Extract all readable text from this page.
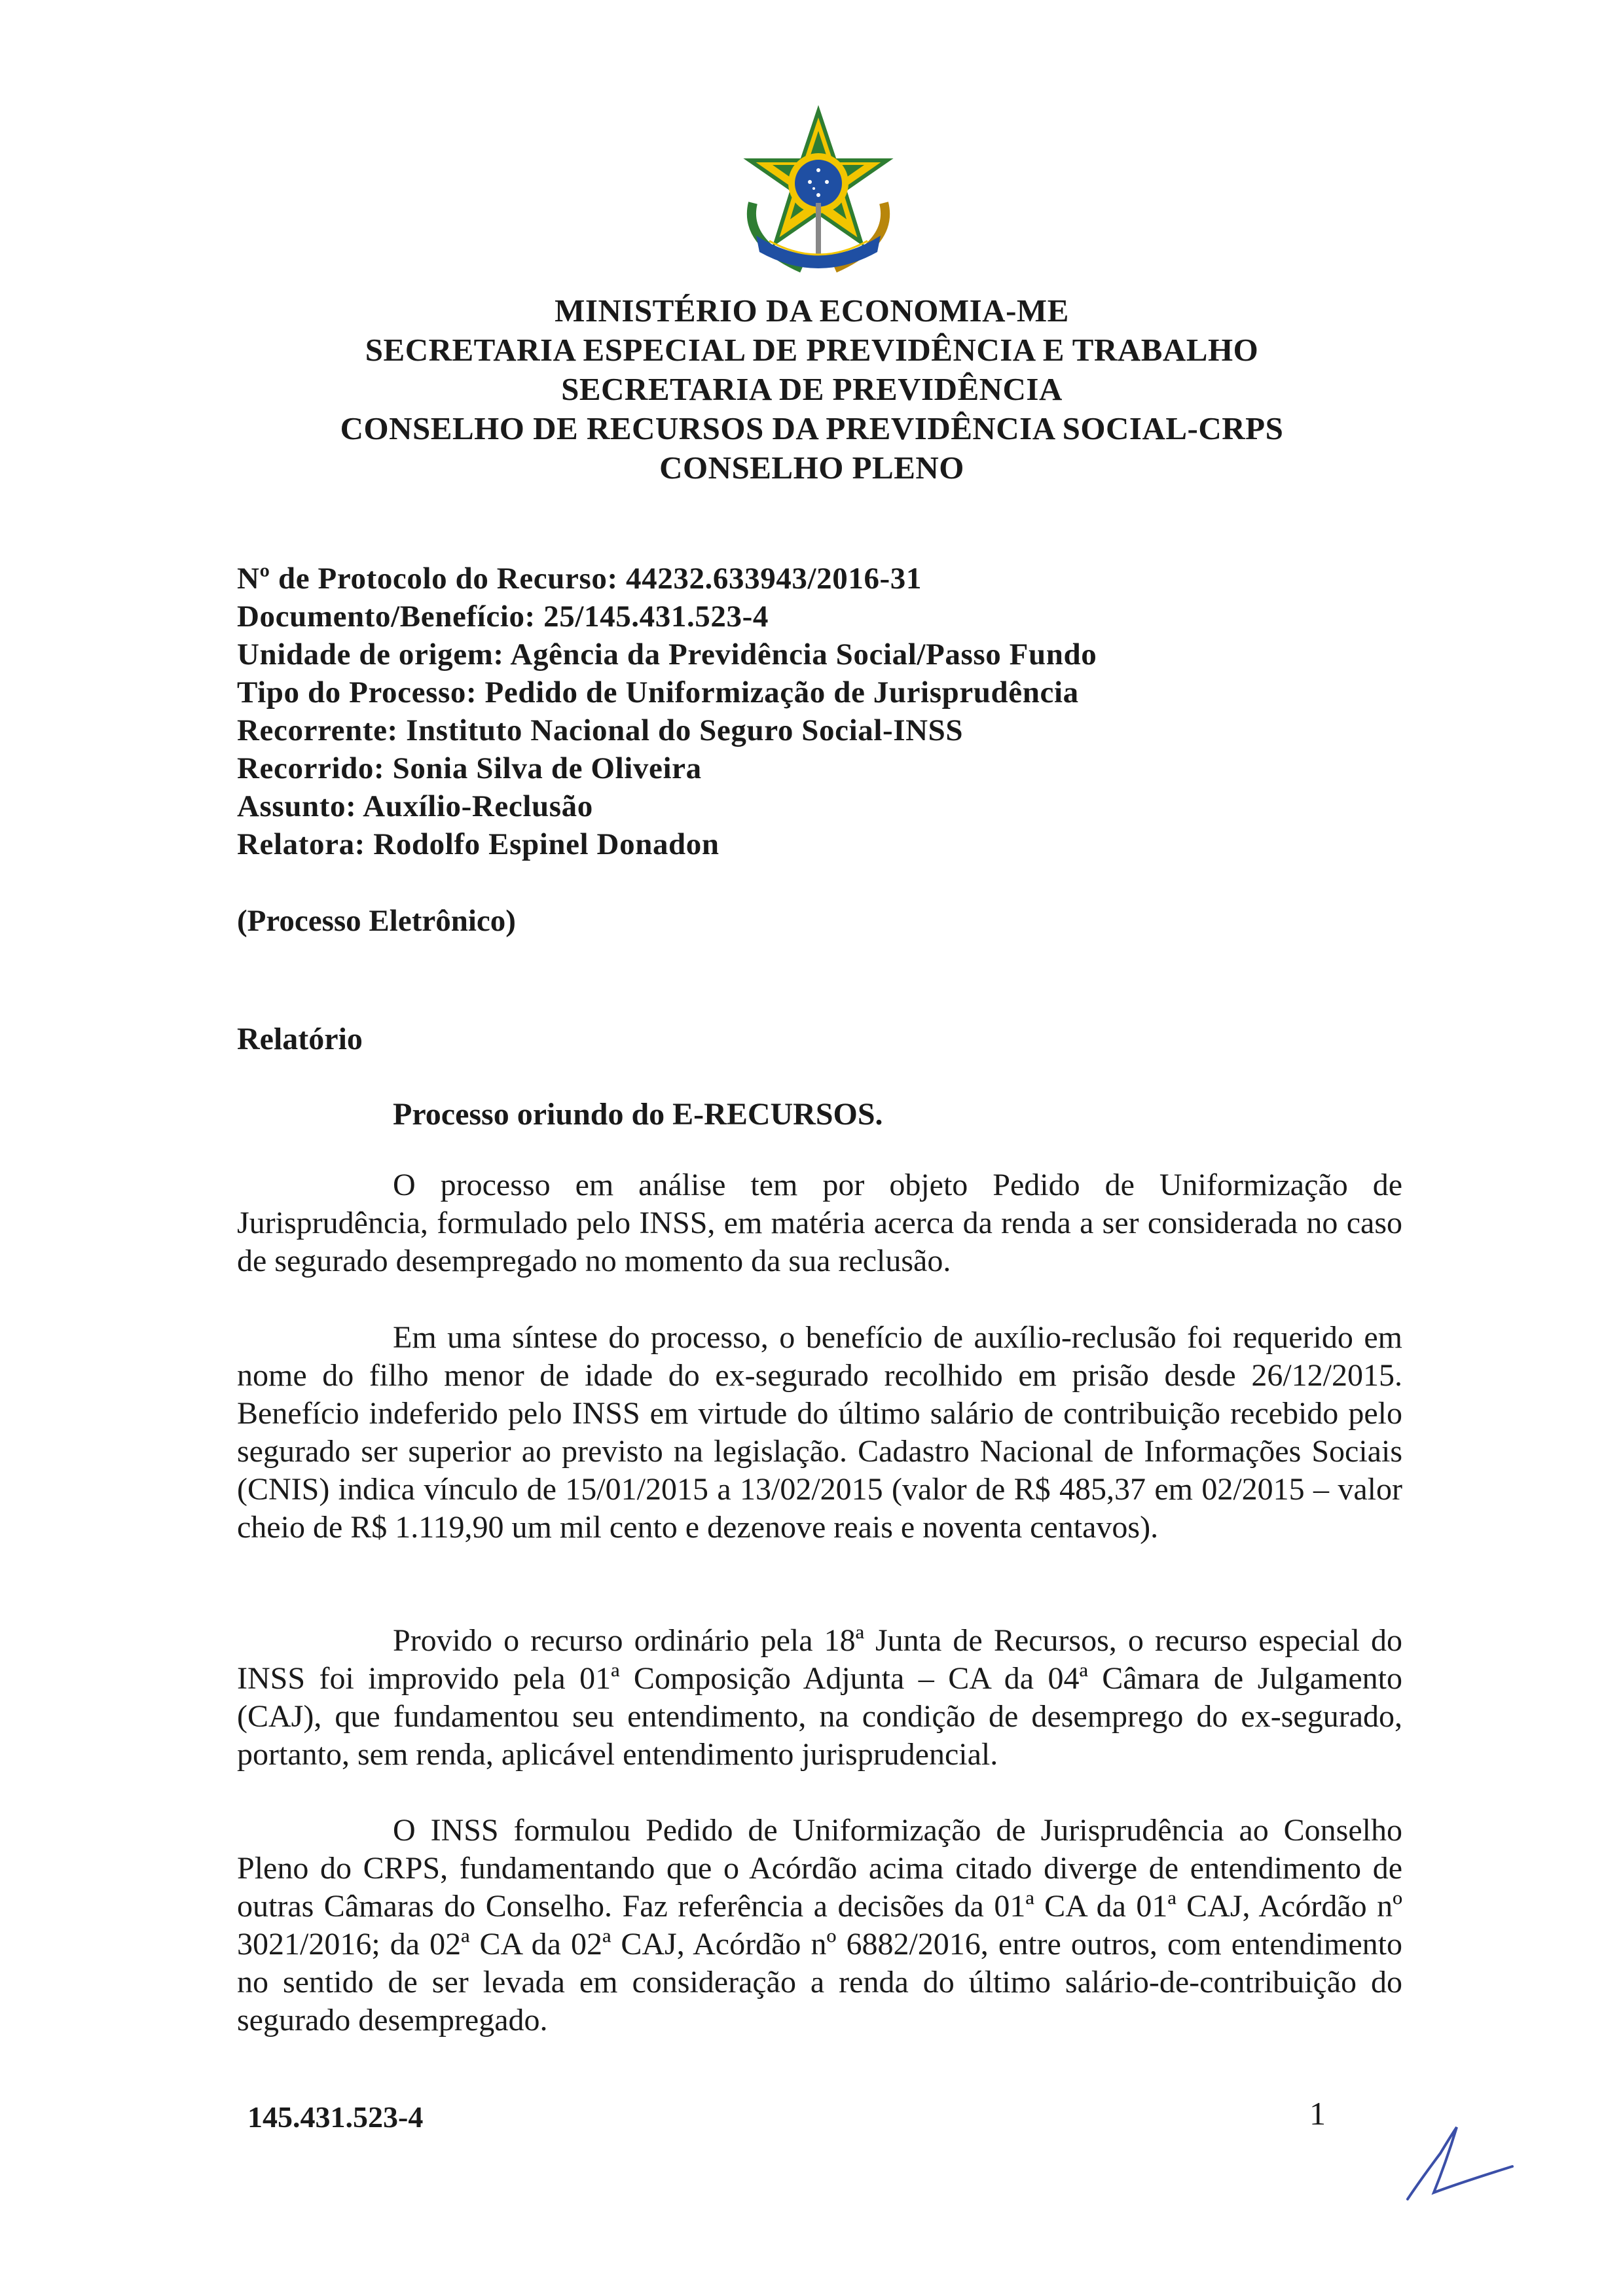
MINISTÉRIO DA ECONOMIA-ME
SECRETARIA ESPECIAL DE PREVIDÊNCIA E TRABALHO
SECRETARIA DE PREVIDÊNCIA
CONSELHO DE RECURSOS DA PREVIDÊNCIA SOCIAL-CRPS
CONSELHO PLENO
Nº de Protocolo do Recurso: 44232.633943/2016-31
Documento/Benefício: 25/145.431.523-4
Unidade de origem: Agência da Previdência Social/Passo Fundo
Tipo do Processo: Pedido de Uniformização de Jurisprudência
Recorrente: Instituto Nacional do Seguro Social-INSS
Recorrido: Sonia Silva de Oliveira
Assunto: Auxílio-Reclusão
Relatora: Rodolfo Espinel Donadon
(Processo Eletrônico)
Relatório
Processo oriundo do E-RECURSOS.

O processo em análise tem por objeto Pedido de Uniformização de Jurisprudência, formulado pelo INSS, em matéria acerca da renda a ser considerada no caso de segurado desempregado no momento da sua reclusão.

Em uma síntese do processo, o benefício de auxílio-reclusão foi requerido em nome do filho menor de idade do ex-segurado recolhido em prisão desde 26/12/2015. Benefício indeferido pelo INSS em virtude do último salário de contribuição recebido pelo segurado ser superior ao previsto na legislação. Cadastro Nacional de Informações Sociais (CNIS) indica vínculo de 15/01/2015 a 13/02/2015 (valor de R$ 485,37 em 02/2015 – valor cheio de R$ 1.119,90 um mil cento e dezenove reais e noventa centavos).

Provido o recurso ordinário pela 18ª Junta de Recursos, o recurso especial do INSS foi improvido pela 01ª Composição Adjunta – CA da 04ª Câmara de Julgamento (CAJ), que fundamentou seu entendimento, na condição de desemprego do ex-segurado, portanto, sem renda, aplicável entendimento jurisprudencial.

O INSS formulou Pedido de Uniformização de Jurisprudência ao Conselho Pleno do CRPS, fundamentando que o Acórdão acima citado diverge de entendimento de outras Câmaras do Conselho. Faz referência a decisões da 01ª CA da 01ª CAJ, Acórdão nº 3021/2016; da 02ª CA da 02ª CAJ, Acórdão nº 6882/2016, entre outros, com entendimento no sentido de ser levada em consideração a renda do último salário-de-contribuição do segurado desempregado.

145.431.523-4	1
